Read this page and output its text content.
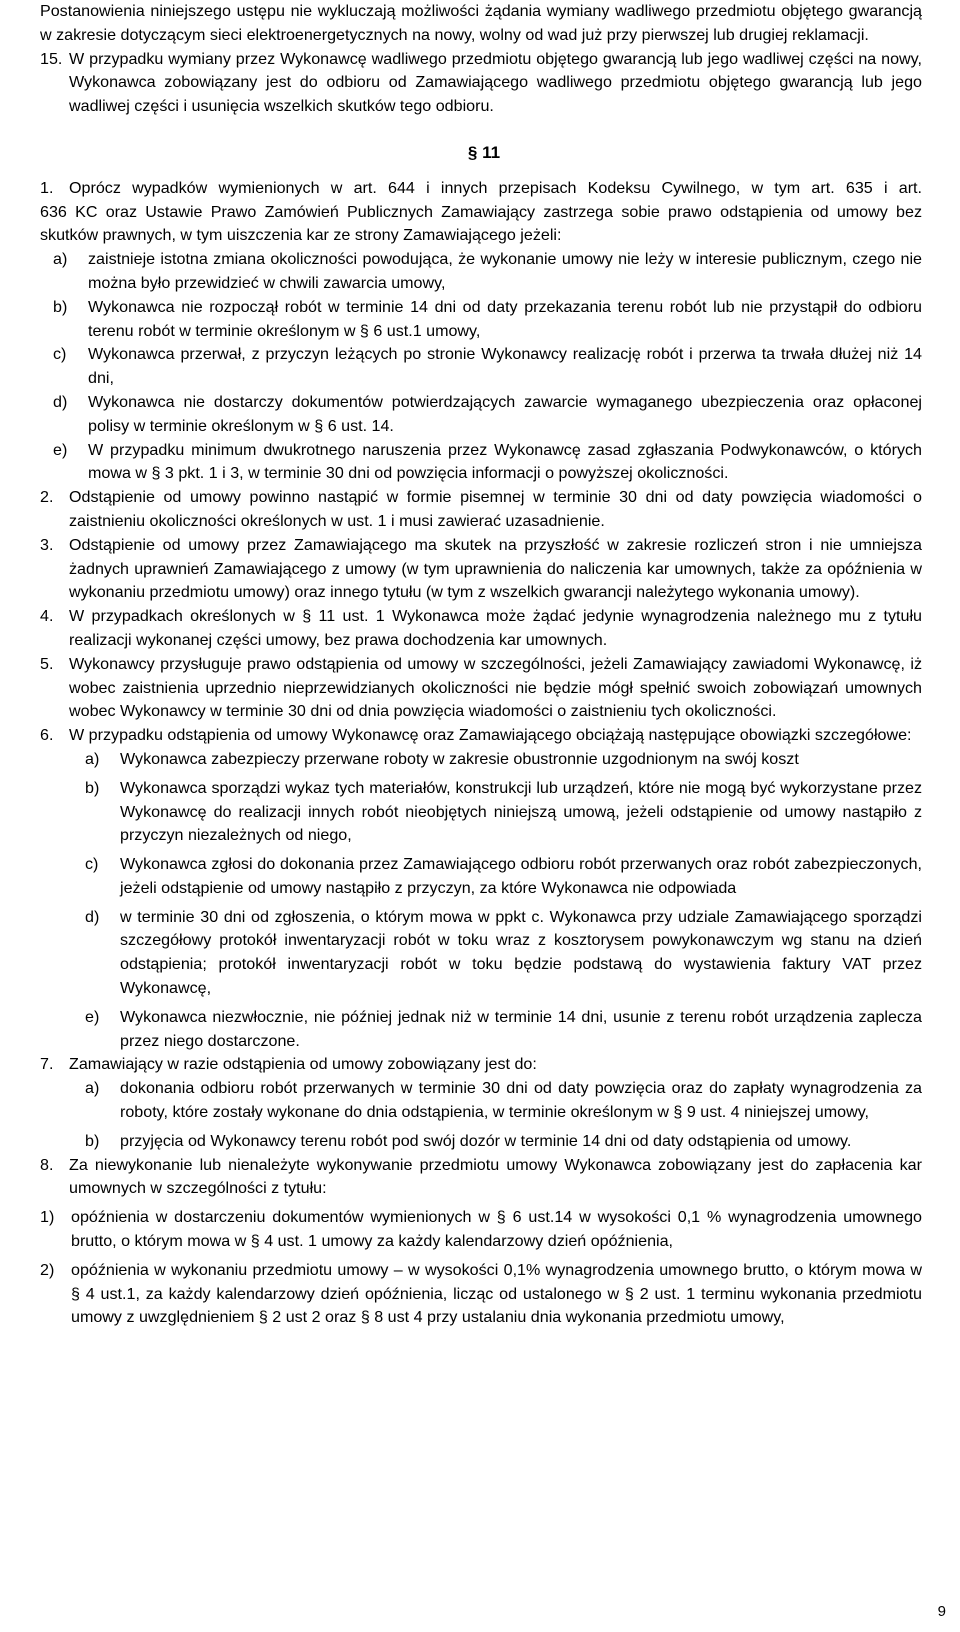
Postanowienia niniejszego ustępu nie wykluczają możliwości żądania wymiany wadliwego przedmiotu objętego gwarancją w zakresie dotyczącym sieci elektroenergetycznych na nowy, wolny od wad już przy pierwszej lub drugiej reklamacji.

15. W przypadku wymiany przez Wykonawcę wadliwego przedmiotu objętego gwarancją lub jego wadliwej części na nowy, Wykonawca zobowiązany jest do odbioru od Zamawiającego wadliwego przedmiotu objętego gwarancją lub jego wadliwej części i usunięcia wszelkich skutków tego odbioru.
§ 11
1. Oprócz wypadków wymienionych w art. 644 i innych przepisach Kodeksu Cywilnego, w tym art. 635 i art.

636 KC oraz Ustawie Prawo Zamówień Publicznych Zamawiający zastrzega sobie prawo odstąpienia od umowy bez skutków prawnych, w tym uiszczenia kar ze strony Zamawiającego jeżeli:

a)	zaistnieje istotna zmiana okoliczności powodująca, że wykonanie umowy nie leży w interesie publicznym, czego nie można było przewidzieć w chwili zawarcia umowy,
b)	Wykonawca nie rozpoczął robót w terminie 14 dni od daty przekazania terenu robót lub nie przystąpił do odbioru terenu robót w terminie określonym w § 6 ust.1 umowy,
c)	Wykonawca przerwał, z przyczyn leżących po stronie Wykonawcy realizację robót i przerwa ta trwała dłużej niż 14 dni,
d)	Wykonawca nie dostarczy dokumentów potwierdzających zawarcie wymaganego ubezpieczenia oraz opłaconej polisy w terminie określonym w § 6 ust. 14.
e)	W przypadku minimum dwukrotnego naruszenia przez Wykonawcę zasad zgłaszania Podwykonawców, o których mowa w § 3 pkt. 1 i 3, w terminie 30 dni od powzięcia informacji o powyższej okoliczności.
2. Odstąpienie od umowy powinno nastąpić w formie pisemnej w terminie 30 dni od daty powzięcia wiadomości o zaistnieniu okoliczności określonych w ust. 1 i musi zawierać uzasadnienie.
3. Odstąpienie od umowy przez Zamawiającego ma skutek na przyszłość w zakresie rozliczeń stron i nie umniejsza żadnych uprawnień Zamawiającego z umowy (w tym uprawnienia do naliczenia kar umownych, także za opóźnienia w wykonaniu przedmiotu umowy) oraz innego tytułu (w tym z wszelkich gwarancji należytego wykonania umowy).
4. W przypadkach określonych w § 11 ust. 1 Wykonawca może żądać jedynie wynagrodzenia należnego mu z tytułu realizacji wykonanej części umowy, bez prawa dochodzenia kar umownych.
5. Wykonawcy przysługuje prawo odstąpienia od umowy w szczególności, jeżeli Zamawiający zawiadomi Wykonawcę, iż wobec zaistnienia uprzednio nieprzewidzianych okoliczności nie będzie mógł spełnić swoich zobowiązań umownych wobec Wykonawcy w terminie 30 dni od dnia powzięcia wiadomości o zaistnieniu tych okoliczności.
6. W przypadku odstąpienia od umowy Wykonawcę oraz Zamawiającego obciążają następujące obowiązki szczegółowe:
a)	Wykonawca zabezpieczy przerwane roboty w zakresie obustronnie uzgodnionym na swój koszt
b)	Wykonawca sporządzi wykaz tych materiałów, konstrukcji lub urządzeń, które nie mogą być wykorzystane przez Wykonawcę do realizacji innych robót nieobjętych niniejszą umową, jeżeli odstąpienie od umowy nastąpiło z przyczyn niezależnych od niego,
c)	Wykonawca zgłosi do dokonania przez Zamawiającego odbioru robót przerwanych oraz robót zabezpieczonych, jeżeli odstąpienie od umowy nastąpiło z przyczyn, za które Wykonawca nie odpowiada
d)	w terminie 30 dni od zgłoszenia, o którym mowa w ppkt c. Wykonawca przy udziale Zamawiającego sporządzi szczegółowy protokół inwentaryzacji robót w toku wraz z kosztorysem powykonawczym wg stanu na dzień odstąpienia; protokół inwentaryzacji robót w toku będzie podstawą do wystawienia faktury VAT przez Wykonawcę,
e)	Wykonawca niezwłocznie, nie później jednak niż w terminie 14 dni, usunie z terenu robót urządzenia zaplecza przez niego dostarczone.
7. Zamawiający w razie odstąpienia od umowy zobowiązany jest do:
a)	dokonania odbioru robót przerwanych w terminie 30 dni od daty powzięcia oraz do zapłaty wynagrodzenia za roboty, które zostały wykonane do dnia odstąpienia, w terminie określonym w § 9 ust. 4 niniejszej umowy,
b)	przyjęcia od Wykonawcy terenu robót pod swój dozór w terminie 14 dni od daty odstąpienia od umowy.
8. Za niewykonanie lub nienależyte wykonywanie przedmiotu umowy Wykonawca zobowiązany jest do zapłacenia kar umownych w szczególności z tytułu:
1)	opóźnienia w dostarczeniu dokumentów wymienionych w § 6 ust.14 w wysokości 0,1 % wynagrodzenia umownego brutto, o którym mowa w § 4 ust. 1 umowy za każdy kalendarzowy dzień opóźnienia,
2)	opóźnienia w wykonaniu przedmiotu umowy – w wysokości 0,1% wynagrodzenia umownego brutto, o którym mowa w § 4 ust.1, za każdy kalendarzowy dzień opóźnienia, licząc od ustalonego w § 2 ust. 1 terminu wykonania przedmiotu umowy z uwzględnieniem § 2 ust 2 oraz § 8 ust 4 przy ustalaniu dnia wykonania przedmiotu umowy,
9
